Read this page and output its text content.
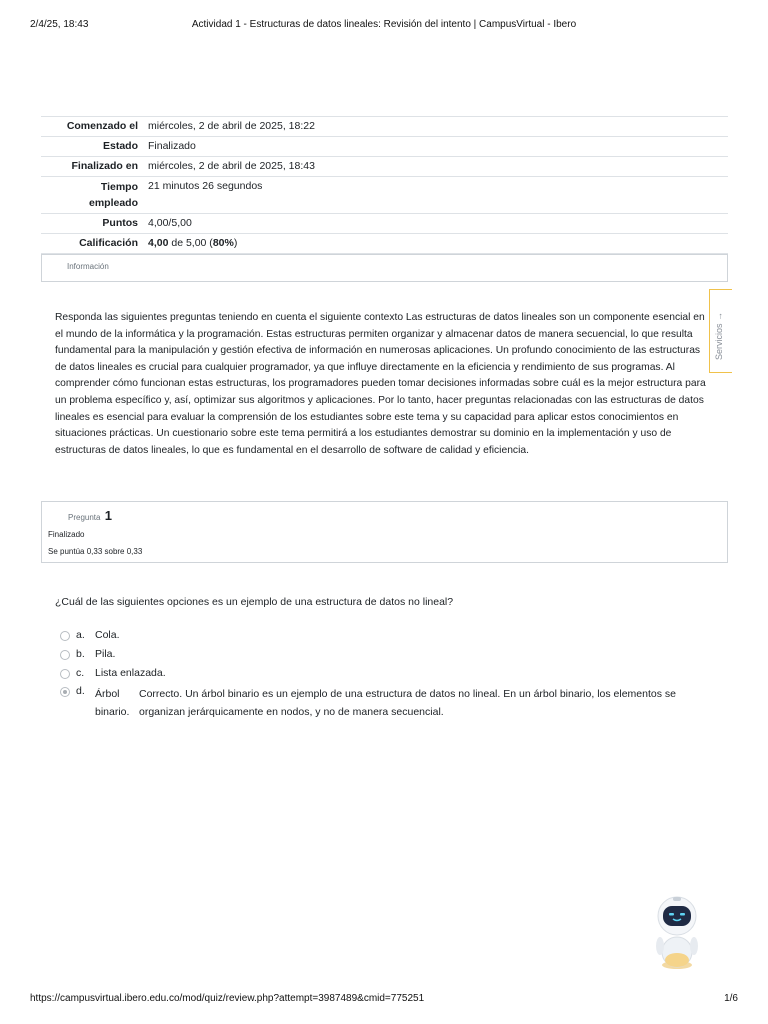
2/4/25, 18:43	Actividad 1 - Estructuras de datos lineales: Revisión del intento | CampusVirtual - Ibero
Comenzado el	miércoles, 2 de abril de 2025, 18:22
Estado	Finalizado
Finalizado en	miércoles, 2 de abril de 2025, 18:43
Tiempo
empleado	21 minutos 26 segundos
Puntos	4,00/5,00
Calificación	4,00 de 5,00 (80%)
Información
Servicios →

Responda las siguientes preguntas teniendo en cuenta el siguiente contexto Las estructuras de datos lineales son un componente esencial en el mundo de la informática y la programación. Estas estructuras permiten organizar y almacenar datos de manera secuencial, lo que resulta fundamental para la manipulación y gestión efectiva de información en numerosas aplicaciones. Un profundo conocimiento de las estructuras de datos lineales es crucial para cualquier programador, ya que influye directamente en la eficiencia y rendimiento de sus programas. Al comprender cómo funcionan estas estructuras, los programadores pueden tomar decisiones informadas sobre cuál es la mejor estructura para un problema específico y, así, optimizar sus algoritmos y aplicaciones. Por lo tanto, hacer preguntas relacionadas con las estructuras de datos lineales es esencial para evaluar la comprensión de los estudiantes sobre este tema y su capacidad para aplicar estos conocimientos en situaciones prácticas. Un cuestionario sobre este tema permitirá a los estudiantes demostrar su dominio en la implementación y uso de estructuras de datos lineales, lo que es fundamental en el desarrollo de software de calidad y eficiencia.

Pregunta 1
Finalizado
Se puntúa 0,33 sobre 0,33
¿Cuál de las siguientes opciones es un ejemplo de una estructura de datos no lineal?
a. Cola.
b. Pila.
c. Lista enlazada.
d. Árbol binario.
Correcto. Un árbol binario es un ejemplo de una estructura de datos no lineal. En un árbol binario, los elementos se organizan jerárquicamente en nodos, y no de manera secuencial.
https://campusvirtual.ibero.edu.co/mod/quiz/review.php?attempt=3987489&cmid=775251	1/6
